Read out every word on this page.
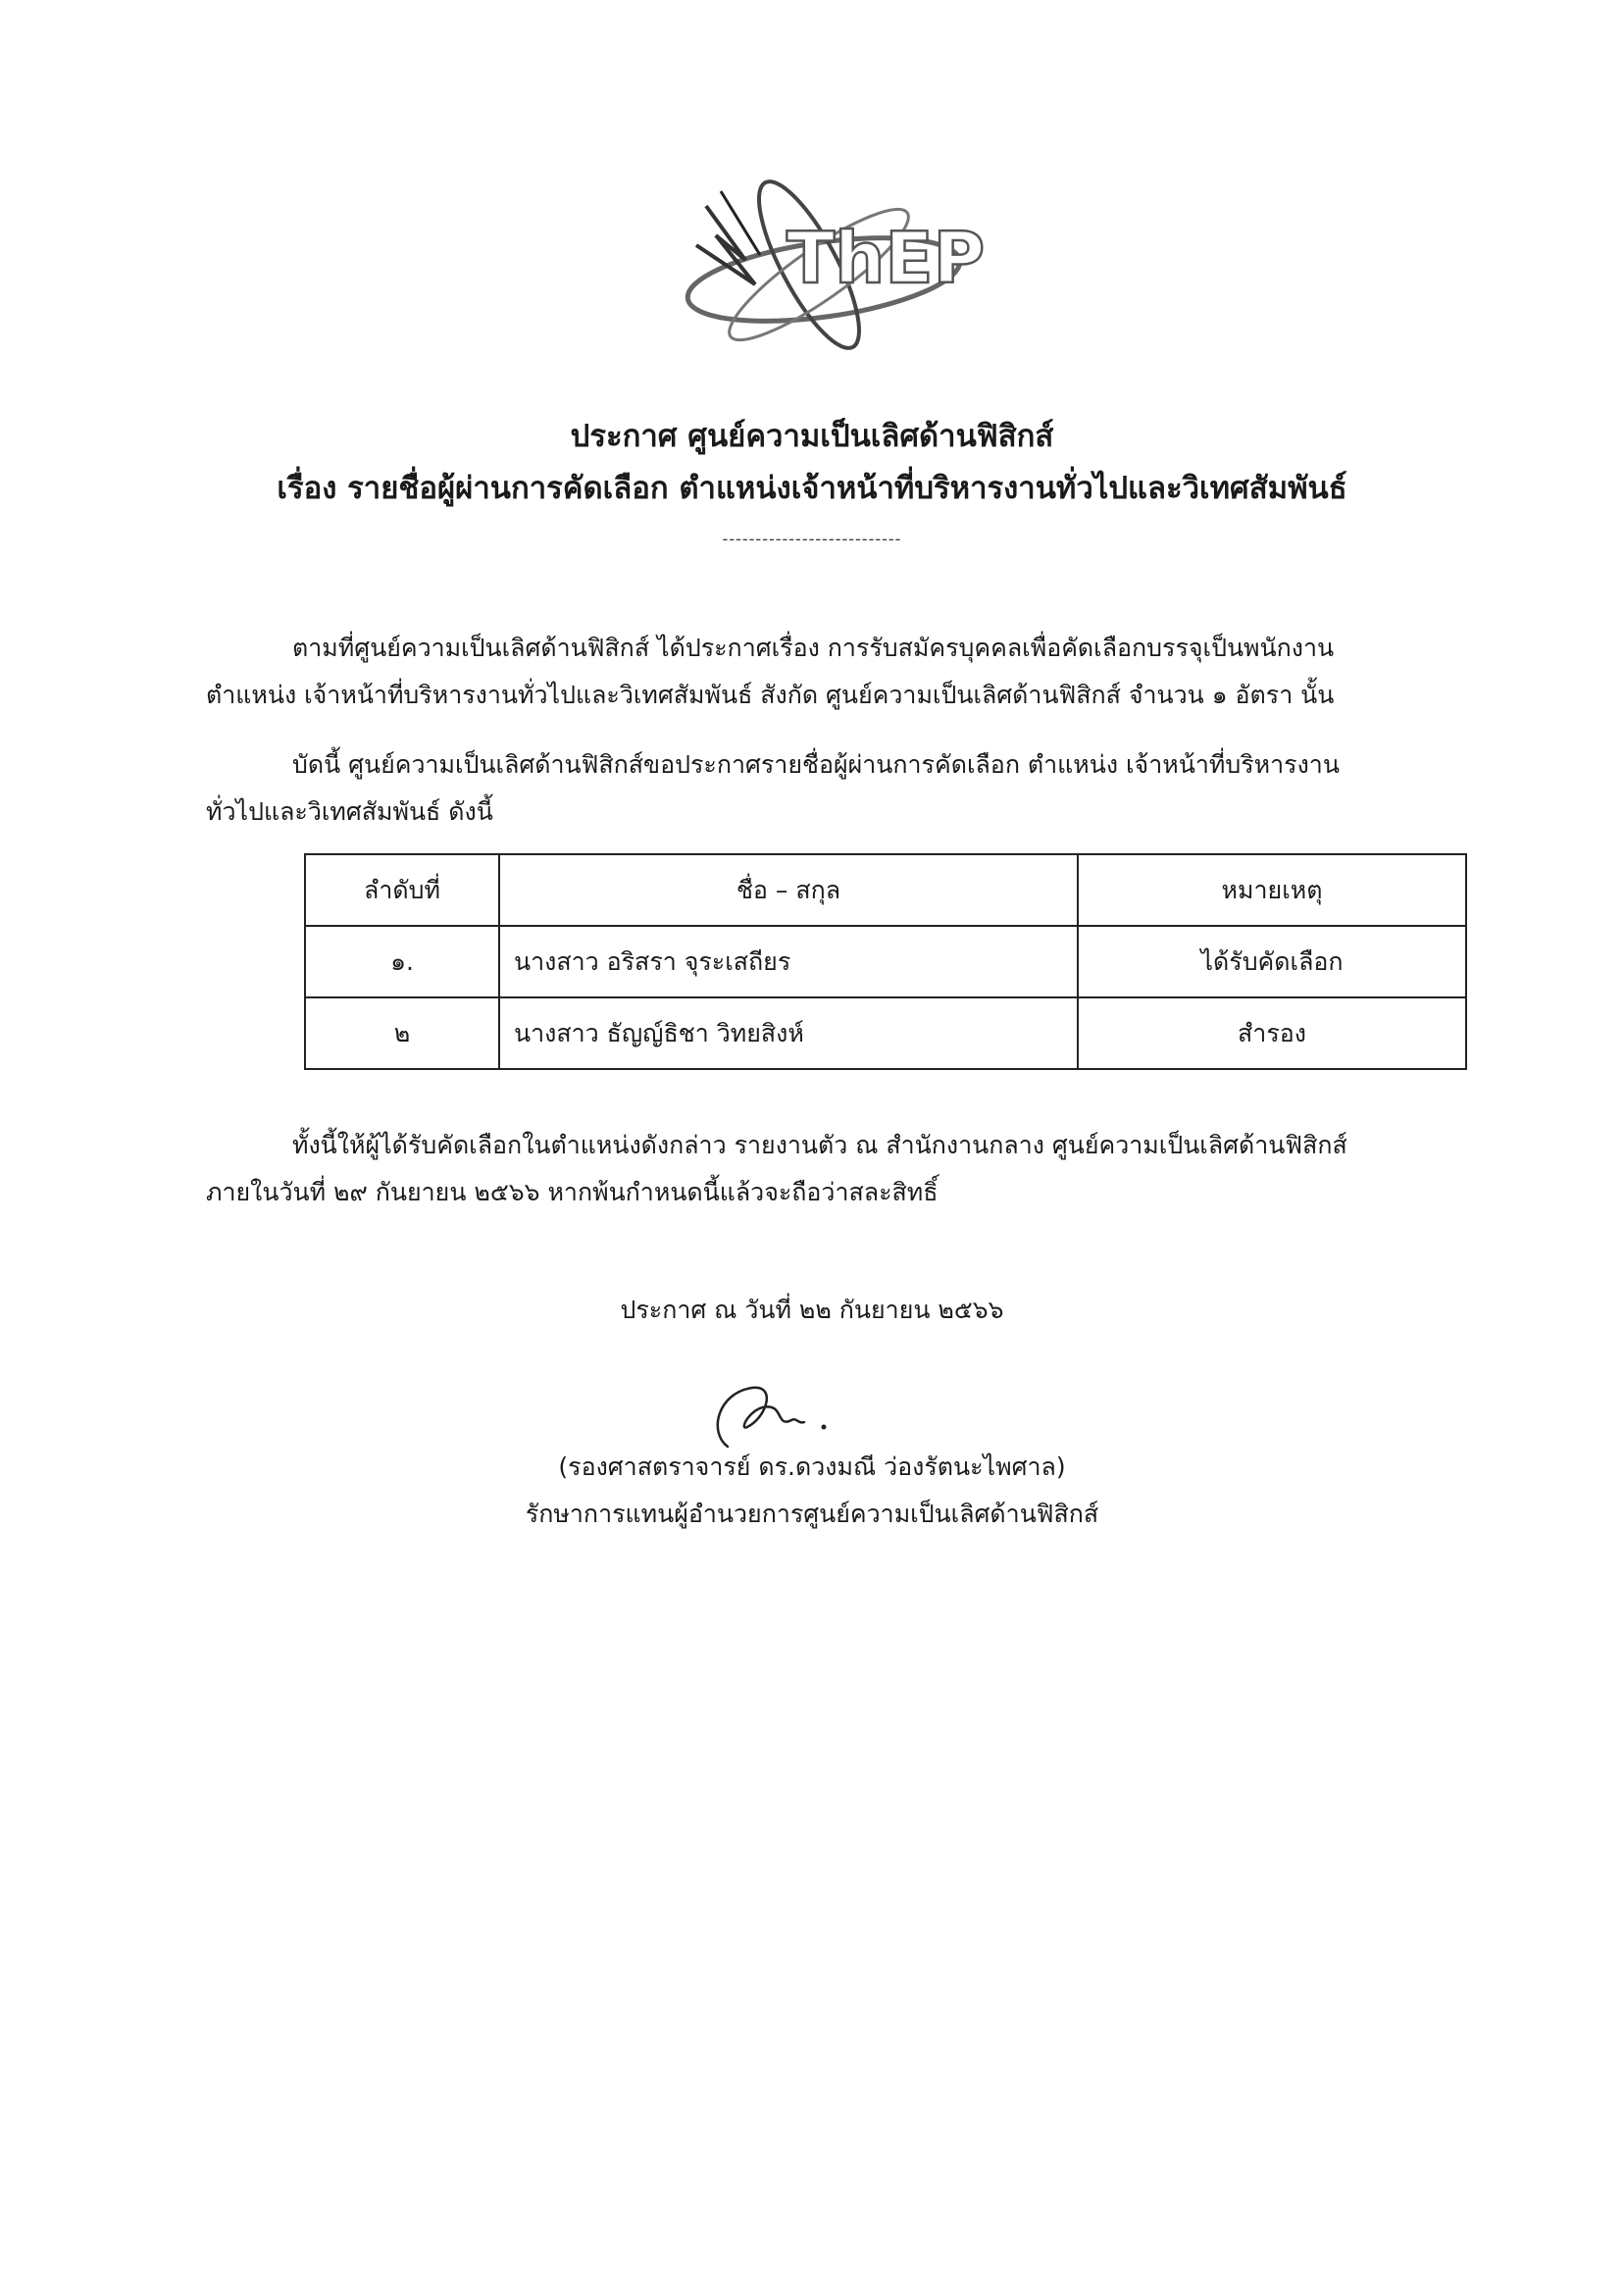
ThEP
ประกาศ ศูนย์ความเป็นเลิศด้านฟิสิกส์
เรื่อง รายชื่อผู้ผ่านการคัดเลือก ตำแหน่งเจ้าหน้าที่บริหารงานทั่วไปและวิเทศสัมพันธ์
---------------------------
ตามที่ศูนย์ความเป็นเลิศด้านฟิสิกส์ ได้ประกาศเรื่อง การรับสมัครบุคคลเพื่อคัดเลือกบรรจุเป็นพนักงาน
ตำแหน่ง เจ้าหน้าที่บริหารงานทั่วไปและวิเทศสัมพันธ์ สังกัด ศูนย์ความเป็นเลิศด้านฟิสิกส์ จำนวน ๑ อัตรา นั้น
บัดนี้ ศูนย์ความเป็นเลิศด้านฟิสิกส์ขอประกาศรายชื่อผู้ผ่านการคัดเลือก ตำแหน่ง เจ้าหน้าที่บริหารงาน
ทั่วไปและวิเทศสัมพันธ์ ดังนี้
ลำดับที่	ชื่อ – สกุล	หมายเหตุ
๑.	นางสาว อริสรา จุระเสถียร	ได้รับคัดเลือก
๒	นางสาว ธัญญ์ธิชา วิทยสิงห์	สำรอง
ทั้งนี้ให้ผู้ได้รับคัดเลือกในตำแหน่งดังกล่าว รายงานตัว ณ สำนักงานกลาง ศูนย์ความเป็นเลิศด้านฟิสิกส์
ภายในวันที่ ๒๙ กันยายน ๒๕๖๖ หากพ้นกำหนดนี้แล้วจะถือว่าสละสิทธิ์
ประกาศ ณ วันที่ ๒๒ กันยายน ๒๕๖๖
(รองศาสตราจารย์ ดร.ดวงมณี ว่องรัตนะไพศาล)
รักษาการแทนผู้อำนวยการศูนย์ความเป็นเลิศด้านฟิสิกส์
